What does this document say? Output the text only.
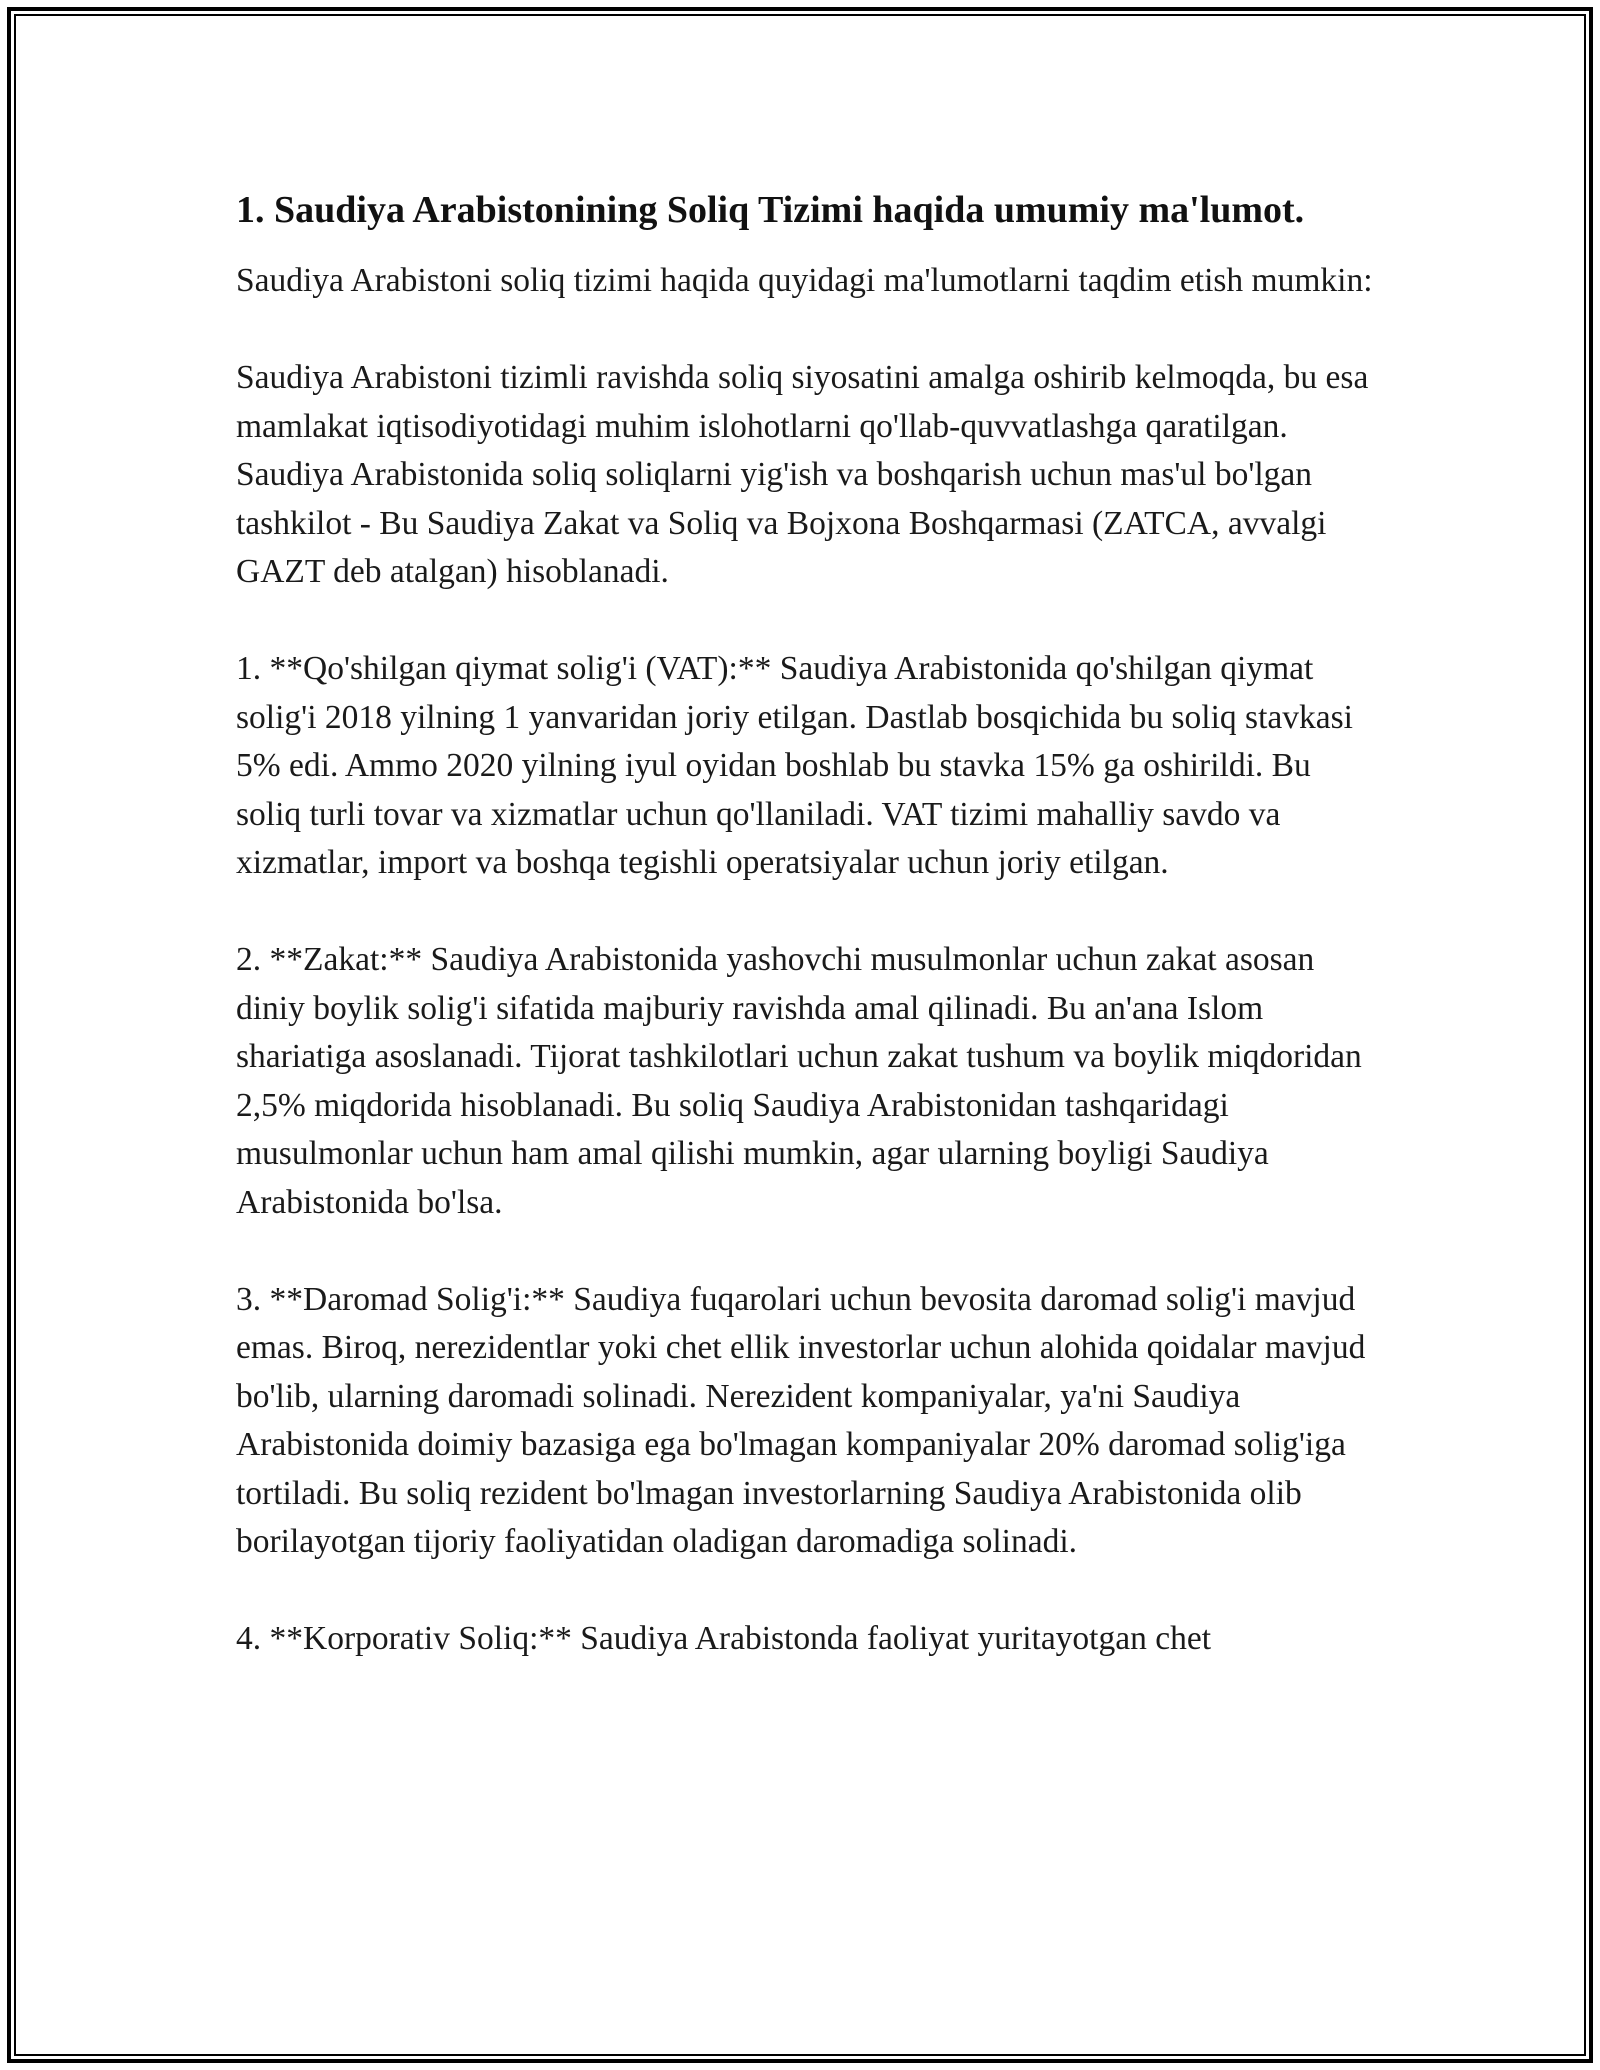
1. Saudiya Arabistonining Soliq Tizimi haqida umumiy ma'lumot.

Saudiya Arabistoni soliq tizimi haqida quyidagi ma'lumotlarni taqdim etish mumkin:

Saudiya Arabistoni tizimli ravishda soliq siyosatini amalga oshirib kelmoqda, bu esa mamlakat iqtisodiyotidagi muhim islohotlarni qo'llab-quvvatlashga qaratilgan. Saudiya Arabistonida soliq soliqlarni yig'ish va boshqarish uchun mas'ul bo'lgan tashkilot - Bu Saudiya Zakat va Soliq va Bojxona Boshqarmasi (ZATCA, avvalgi GAZT deb atalgan) hisoblanadi.

1. **Qo'shilgan qiymat solig'i (VAT):** Saudiya Arabistonida qo'shilgan qiymat solig'i 2018 yilning 1 yanvaridan joriy etilgan. Dastlab bosqichida bu soliq stavkasi 5% edi. Ammo 2020 yilning iyul oyidan boshlab bu stavka 15% ga oshirildi. Bu soliq turli tovar va xizmatlar uchun qo'llaniladi. VAT tizimi mahalliy savdo va xizmatlar, import va boshqa tegishli operatsiyalar uchun joriy etilgan.

2. **Zakat:** Saudiya Arabistonida yashovchi musulmonlar uchun zakat asosan diniy boylik solig'i sifatida majburiy ravishda amal qilinadi. Bu an'ana Islom shariatiga asoslanadi. Tijorat tashkilotlari uchun zakat tushum va boylik miqdoridan 2,5% miqdorida hisoblanadi. Bu soliq Saudiya Arabistonidan tashqaridagi musulmonlar uchun ham amal qilishi mumkin, agar ularning boyligi Saudiya Arabistonida bo'lsa.

3. **Daromad Solig'i:** Saudiya fuqarolari uchun bevosita daromad solig'i mavjud emas. Biroq, nerezidentlar yoki chet ellik investorlar uchun alohida qoidalar mavjud bo'lib, ularning daromadi solinadi. Nerezident kompaniyalar, ya'ni Saudiya Arabistonida doimiy bazasiga ega bo'lmagan kompaniyalar 20% daromad solig'iga tortiladi. Bu soliq rezident bo'lmagan investorlarning Saudiya Arabistonida olib borilayotgan tijoriy faoliyatidan oladigan daromadiga solinadi.

4. **Korporativ Soliq:** Saudiya Arabistonda faoliyat yuritayotgan chet
